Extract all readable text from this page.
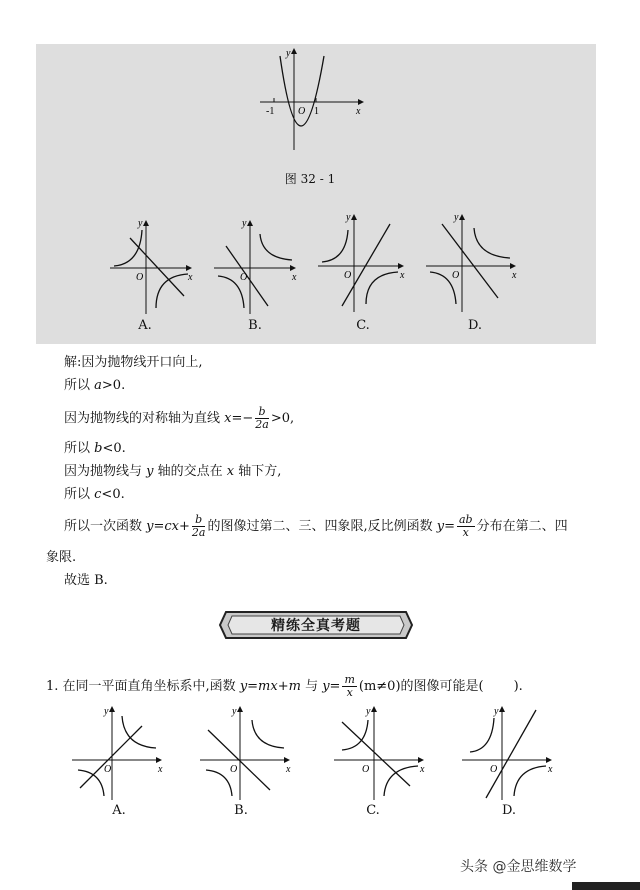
y
x
O
-1	1
图 32 - 1
y
x
O
A.
y
x
O
B.
y
x
O
C.
y
x
O
D.
解:因为抛物线开口向上,
所以 a>0.
因为抛物线的对称轴为直线 $x=- \frac{b}{2a} >0$,
所以 b<0.
因为抛物线与 y 轴的交点在 x 轴下方,
所以 c<0.
所以一次函数 $y=cx+ \frac{b}{2a}$ 的图像过第二、三、四象限,反比例函数 $y= \frac{ab}{x}$ 分布在第二、四
象限.
故选 B.
精练全真考题
1. 在同一平面直角坐标系中,函数 y=mx+m 与 $y= \frac{m}{x} (m\ne 0)$的图像可能是( ).
y
x
O
A.
y
x
O
B.
y
x
O
C.
y
x
O
D.
头条 @金思维数学
